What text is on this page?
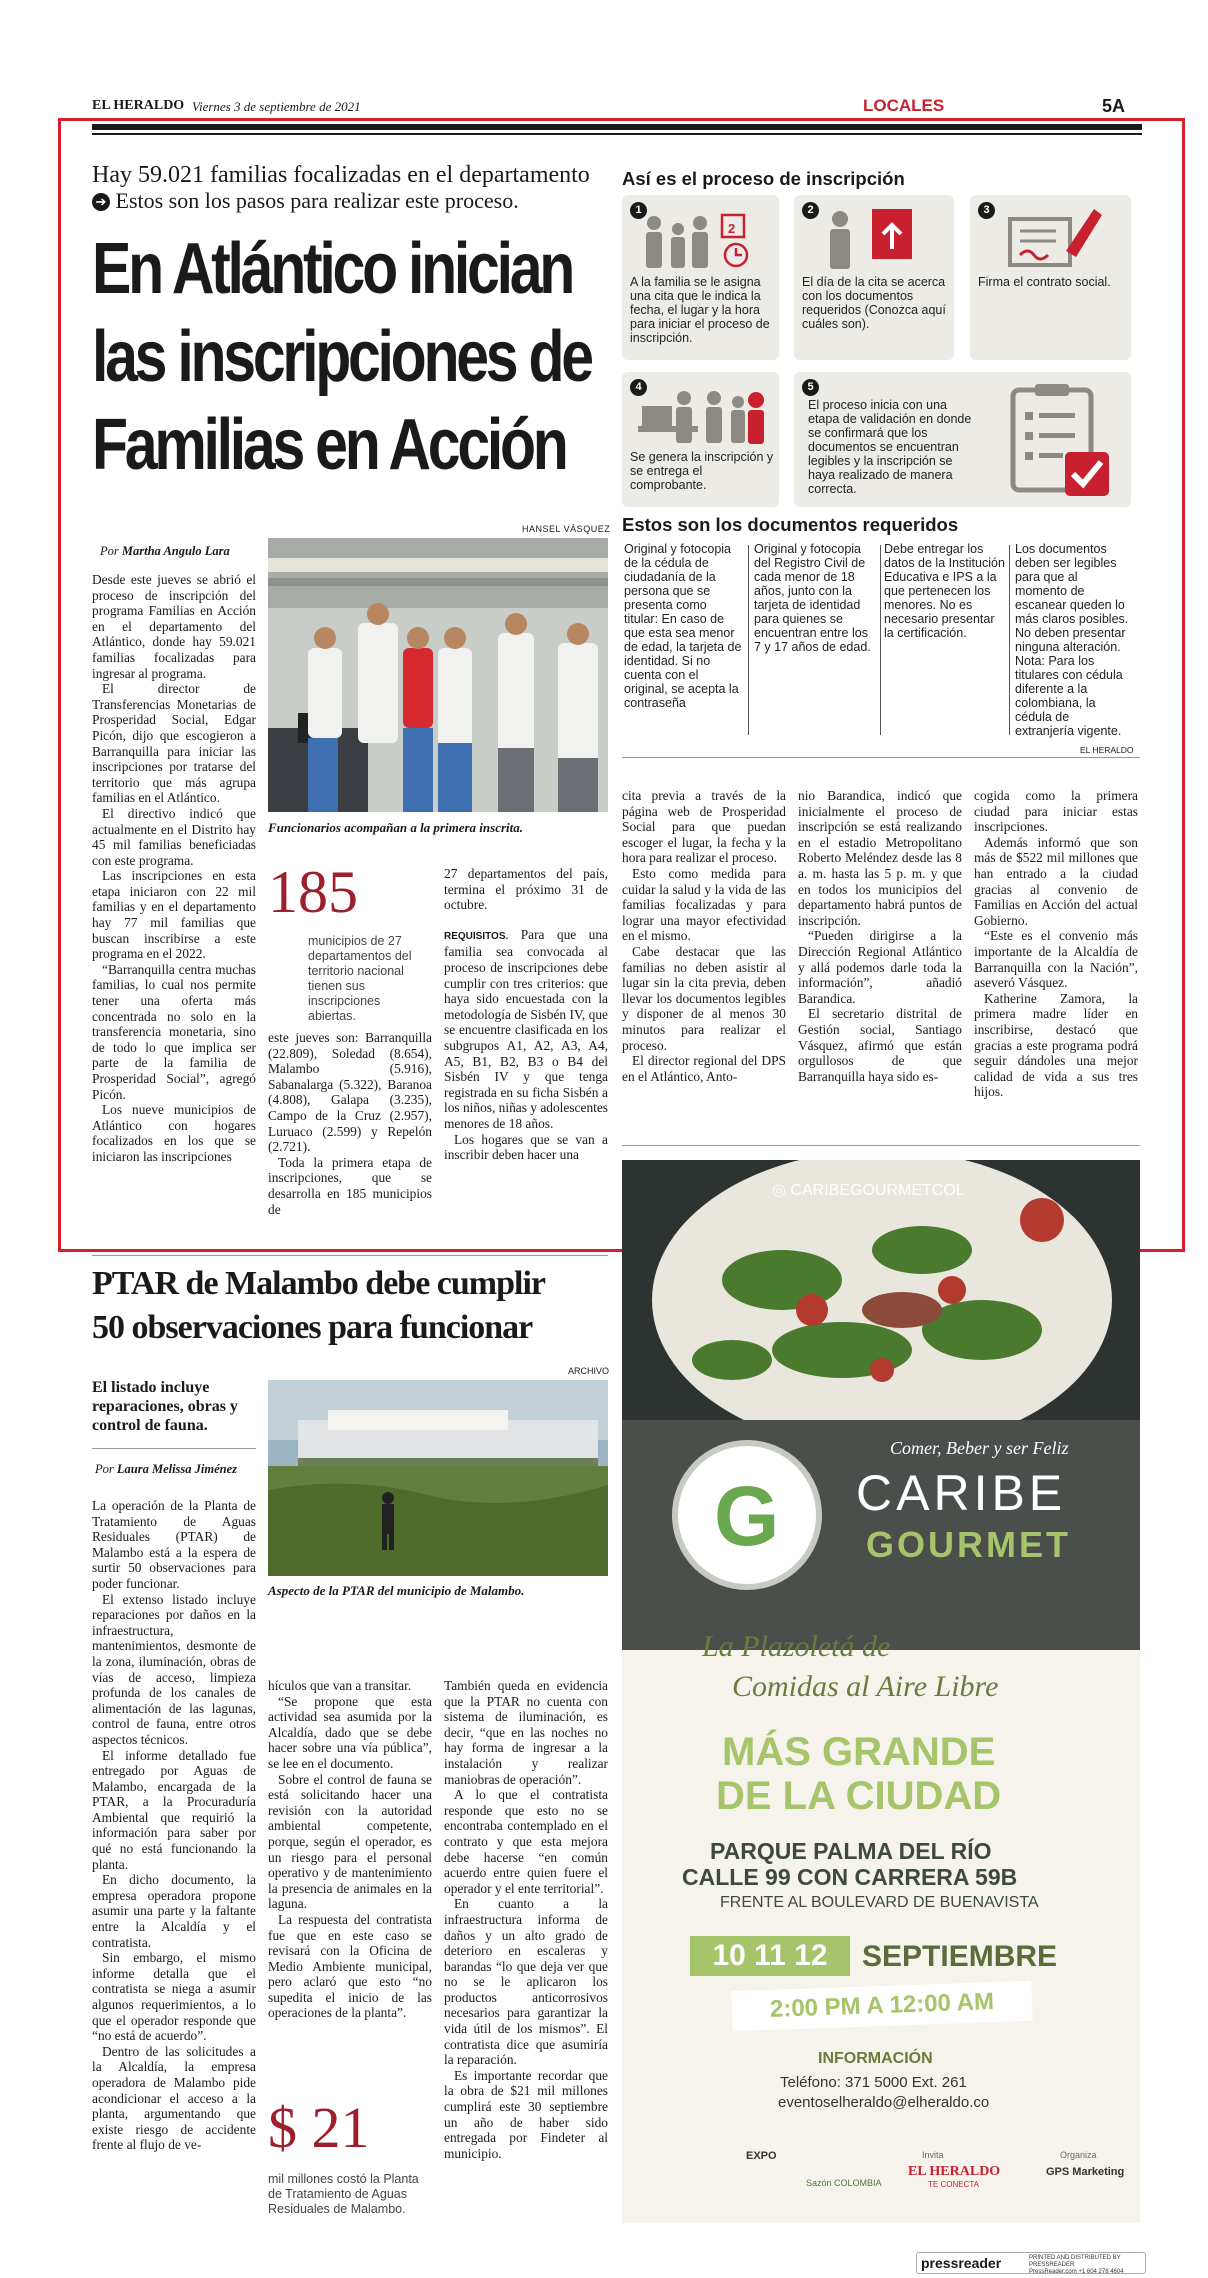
EL HERALDO Viernes 3 de septiembre de 2021	LOCALES	5A
Hay 59.021 familias focalizadas en el departamento
➔ Estos son los pasos para realizar este proceso.
En Atlántico inician
las inscripciones de
Familias en Acción
HANSEL VÁSQUEZ
Funcionarios acompañan a la primera inscrita.
Por Martha Angulo Lara

Desde este jueves se abrió el proceso de inscripción del programa Familias en Acción en el departamento del Atlántico, donde hay 59.021 familias focalizadas para ingresar al programa.

El director de Transferencias Monetarias de Prosperidad Social, Edgar Picón, dijo que escogieron a Barranquilla para iniciar las inscripciones por tratarse del territorio que más agrupa familias en el Atlántico.

El directivo indicó que actualmente en el Distrito hay 45 mil familias beneficiadas con este programa.

Las inscripciones en esta etapa iniciaron con 22 mil familias y en el departamento hay 77 mil familias que buscan inscribirse a este programa en el 2022.

“Barranquilla centra muchas familias, lo cual nos permite tener una oferta más concentrada no solo en la transferencia monetaria, sino de todo lo que implica ser parte de la familia de Prosperidad Social”, agregó Picón.

Los nueve municipios de Atlántico con hogares focalizados en los que se iniciaron las inscripciones

185
municipios de 27 departamentos del territorio nacional tienen sus inscripciones abiertas.

este jueves son: Barranquilla (22.809), Soledad (8.654), Malambo (5.916), Sabanalarga (5.322), Baranoa (4.808), Galapa (3.235), Campo de la Cruz (2.957), Luruaco (2.599) y Repelón (2.721).

Toda la primera etapa de inscripciones, que se desarrolla en 185 municipios de

27 departamentos del país, termina el próximo 31 de octubre.

REQUISITOS. Para que una familia sea convocada al proceso de inscripciones debe cumplir con tres criterios: que haya sido encuestada con la metodología de Sisbén IV, que se encuentre clasificada en los subgrupos A1, A2, A3, A4, A5, B1, B2, B3 o B4 del Sisbén IV y que tenga registrada en su ficha Sisbén a los niños, niñas y adolescentes menores de 18 años.

Los hogares que se van a inscribir deben hacer una

Así es el proceso de inscripción
1
2
A la familia se le asigna una cita que le indica la fecha, el lugar y la hora para iniciar el proceso de inscripción.
2
El día de la cita se acerca con los documentos requeridos (Conozca aquí cuáles son).
3
Firma el contrato social.
4
Se genera la inscripción y se entrega el comprobante.
5
El proceso inicia con una etapa de validación en donde se confirmará que los documentos se encuentran legibles y la inscripción se haya realizado de manera correcta.
Estos son los documentos requeridos
Original y fotocopia de la cédula de ciudadanía de la persona que se presenta como titular: En caso de que esta sea menor de edad, la tarjeta de identidad. Si no cuenta con el original, se acepta la contraseña
Original y fotocopia del Registro Civil de cada menor de 18 años, junto con la tarjeta de identidad para quienes se encuentran entre los 7 y 17 años de edad.
Debe entregar los datos de la Institución Educativa e IPS a la que pertenecen los menores. No es necesario presentar la certificación.
Los documentos deben ser legibles para que al momento de escanear queden lo más claros posibles. No deben presentar ninguna alteración. Nota: Para los titulares con cédula diferente a la colombiana, la cédula de extranjería vigente.
EL HERALDO

cita previa a través de la página web de Prosperidad Social para que puedan escoger el lugar, la fecha y la hora para realizar el proceso.

Esto como medida para cuidar la salud y la vida de las familias focalizadas y para lograr una mayor efectividad en el mismo.

Cabe destacar que las familias no deben asistir al lugar sin la cita previa, deben llevar los documentos legibles y disponer de al menos 30 minutos para realizar el proceso.

El director regional del DPS en el Atlántico, Anto-

nio Barandica, indicó que inicialmente el proceso de inscripción se está realizando en el estadio Metropolitano Roberto Meléndez desde las 8 a. m. hasta las 5 p. m. y que en todos los municipios del departamento habrá puntos de inscripción.

“Pueden dirigirse a la Dirección Regional Atlántico y allá podemos darle toda la información”, añadió Barandica.

El secretario distrital de Gestión social, Santiago Vásquez, afirmó que están orgullosos de que Barranquilla haya sido es-

cogida como la primera ciudad para iniciar estas inscripciones.

Además informó que son más de $522 mil millones que han entrado a la ciudad gracias al convenio de Familias en Acción del actual Gobierno.

“Este es el convenio más importante de la Alcaldía de Barranquilla con la Nación”, aseveró Vásquez.

Katherine Zamora, la primera madre líder en inscribirse, destacó que gracias a este programa podrá seguir dándoles una mejor calidad de vida a sus tres hijos.

PTAR de Malambo debe cumplir
50 observaciones para funcionar
ARCHIVO
El listado incluye reparaciones, obras y control de fauna.
Por Laura Melissa Jiménez
Aspecto de la PTAR del municipio de Malambo.

La operación de la Planta de Tratamiento de Aguas Residuales (PTAR) de Malambo está a la espera de surtir 50 observaciones para poder funcionar.

El extenso listado incluye reparaciones por daños en la infraestructura, mantenimientos, desmonte de la zona, iluminación, obras de vías de acceso, limpieza profunda de los canales de alimentación de las lagunas, control de fauna, entre otros aspectos técnicos.

El informe detallado fue entregado por Aguas de Malambo, encargada de la PTAR, a la Procuraduría Ambiental que requirió la información para saber por qué no está funcionando la planta.

En dicho documento, la empresa operadora propone asumir una parte y la faltante entre la Alcaldía y el contratista.

Sin embargo, el mismo informe detalla que el contratista se niega a asumir algunos requerimientos, a lo que el operador responde que “no está de acuerdo”.

Dentro de las solicitudes a la Alcaldía, la empresa operadora de Malambo pide acondicionar el acceso a la planta, argumentando que existe riesgo de accidente frente al flujo de ve-

hículos que van a transitar.

“Se propone que esta actividad sea asumida por la Alcaldía, dado que se debe hacer sobre una vía pública”, se lee en el documento.

Sobre el control de fauna se está solicitando hacer una revisión con la autoridad ambiental competente, porque, según el operador, es un riesgo para el personal operativo y de mantenimiento la presencia de animales en la laguna.

La respuesta del contratista fue que en este caso se revisará con la Oficina de Medio Ambiente municipal, pero aclaró que esto “no supedita el inicio de las operaciones de la planta”.

También queda en evidencia que la PTAR no cuenta con sistema de iluminación, es decir, “que en las noches no hay forma de ingresar a la instalación y realizar maniobras de operación”.

A lo que el contratista responde que esto no se encontraba contemplado en el contrato y que esta mejora debe hacerse “en común acuerdo entre quien fuere el operador y el ente territorial”.

En cuanto a la infraestructura informa de daños y un alto grado de deterioro en escaleras y barandas “lo que deja ver que no se le aplicaron los productos anticorrosivos necesarios para garantizar la vida útil de los mismos”. El contratista dice que asumiría la reparación.

Es importante recordar que la obra de $21 mil millones cumplirá este 30 septiembre un año de haber sido entregada por Findeter al municipio.

$ 21
mil millones costó la Planta de Tratamiento de Aguas Residuales de Malambo.
◎ CARIBEGOURMETCOL
G
Comer, Beber y ser Feliz
CARIBE
GOURMET
La Plazoletá de
Comidas al Aire Libre
MÁS GRANDE
DE LA CIUDAD
PARQUE PALMA DEL RÍO
CALLE 99 CON CARRERA 59B
FRENTE AL BOULEVARD DE BUENAVISTA
10 11 12	SEPTIEMBRE
2:00 PM A 12:00 AM
INFORMACIÓN
Teléfono: 371 5000 Ext. 261
eventoselheraldo@elheraldo.co
EXPO
Sazón COLOMBIA
Invita
EL HERALDO
TE CONECTA
Organiza
GPS Marketing
pressreader	PRINTED AND DISTRIBUTED BY PRESSREADER
PressReader.com +1 604 278 4604
